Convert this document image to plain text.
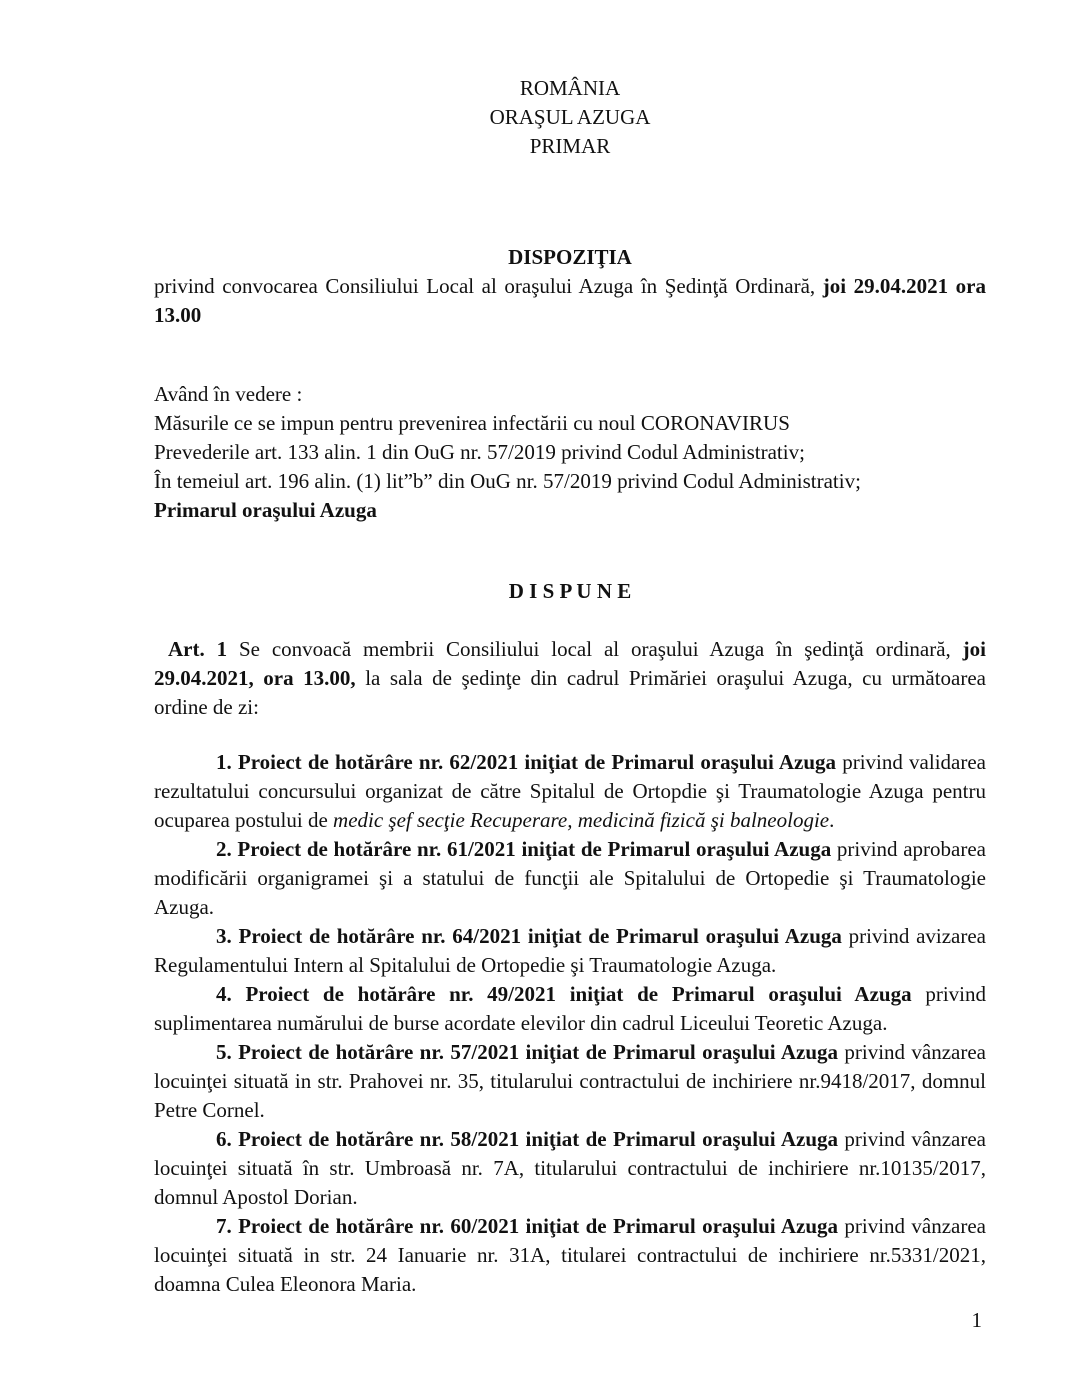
ROMÂNIA
ORAŞUL AZUGA
PRIMAR
DISPOZIŢIA

privind convocarea Consiliului Local al oraşului Azuga în Şedinţă Ordinară, joi 29.04.2021 ora 13.00

Având în vedere :

Măsurile ce se impun pentru prevenirea infectării cu noul CORONAVIRUS

Prevederile art. 133 alin. 1 din OuG nr. 57/2019 privind Codul Administrativ;

În temeiul art. 196 alin. (1) lit”b” din OuG nr. 57/2019 privind Codul Administrativ;

Primarul oraşului Azuga

D I S P U N E

Art. 1 Se convoacă membrii Consiliului local al oraşului Azuga în şedinţă ordinară, joi 29.04.2021, ora 13.00, la sala de şedinţe din cadrul Primăriei oraşului Azuga, cu următoarea ordine de zi:

1. Proiect de hotărâre nr. 62/2021 iniţiat de Primarul oraşului Azuga privind validarea rezultatului concursului organizat de către Spitalul de Ortopdie şi Traumatologie Azuga pentru ocuparea postului de medic şef secţie Recuperare, medicină fizică şi balneologie.

2. Proiect de hotărâre nr. 61/2021 iniţiat de Primarul oraşului Azuga privind aprobarea modificării organigramei şi a statului de funcţii ale Spitalului de Ortopedie şi Traumatologie Azuga.

3. Proiect de hotărâre nr. 64/2021 iniţiat de Primarul oraşului Azuga privind avizarea Regulamentului Intern al Spitalului de Ortopedie şi Traumatologie Azuga.

4. Proiect de hotărâre nr. 49/2021 iniţiat de Primarul oraşului Azuga privind suplimentarea numărului de burse acordate elevilor din cadrul Liceului Teoretic Azuga.

5. Proiect de hotărâre nr. 57/2021 iniţiat de Primarul oraşului Azuga privind vânzarea locuinţei situată in str. Prahovei nr. 35, titularului contractului de inchiriere nr.9418/2017, domnul Petre Cornel.

6. Proiect de hotărâre nr. 58/2021 iniţiat de Primarul oraşului Azuga privind vânzarea locuinţei situată în str. Umbroasă nr. 7A, titularului contractului de inchiriere nr.10135/2017, domnul Apostol Dorian.

7. Proiect de hotărâre nr. 60/2021 iniţiat de Primarul oraşului Azuga privind vânzarea locuinţei situată in str. 24 Ianuarie nr. 31A, titularei contractului de inchiriere nr.5331/2021, doamna Culea Eleonora Maria.

1
